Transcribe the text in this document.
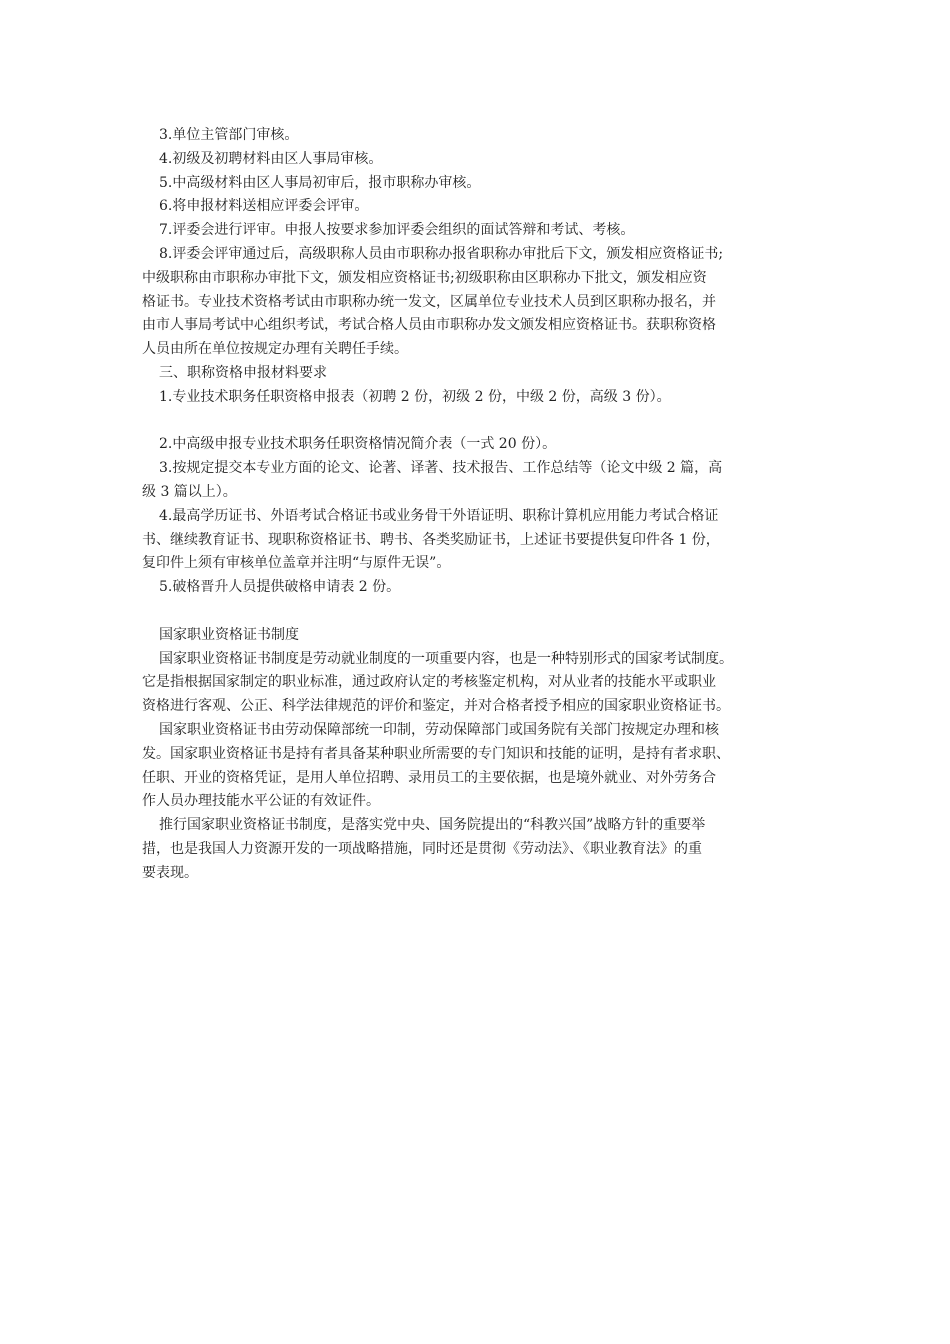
3.单位主管部门审核。
4.初级及初聘材料由区人事局审核。
5.中高级材料由区人事局初审后，报市职称办审核。
6.将申报材料送相应评委会评审。
7.评委会进行评审。申报人按要求参加评委会组织的面试答辩和考试、考核。
8.评委会评审通过后，高级职称人员由市职称办报省职称办审批后下文，颁发相应资格证书;
中级职称由市职称办审批下文，颁发相应资格证书;初级职称由区职称办下批文，颁发相应资
格证书。专业技术资格考试由市职称办统一发文，区属单位专业技术人员到区职称办报名，并
由市人事局考试中心组织考试，考试合格人员由市职称办发文颁发相应资格证书。获职称资格
人员由所在单位按规定办理有关聘任手续。
三、职称资格申报材料要求
1.专业技术职务任职资格申报表（初聘 2 份，初级 2 份，中级 2 份，高级 3 份）。
2.中高级申报专业技术职务任职资格情况简介表（一式 20 份）。
3.按规定提交本专业方面的论文、论著、译著、技术报告、工作总结等（论文中级 2 篇，高
级 3 篇以上）。
4.最高学历证书、外语考试合格证书或业务骨干外语证明、职称计算机应用能力考试合格证
书、继续教育证书、现职称资格证书、聘书、各类奖励证书，上述证书要提供复印件各 1 份，
复印件上须有审核单位盖章并注明“与原件无误”。
5.破格晋升人员提供破格申请表 2 份。
国家职业资格证书制度
国家职业资格证书制度是劳动就业制度的一项重要内容，也是一种特别形式的国家考试制度。
它是指根据国家制定的职业标准，通过政府认定的考核鉴定机构，对从业者的技能水平或职业
资格进行客观、公正、科学法律规范的评价和鉴定，并对合格者授予相应的国家职业资格证书。
国家职业资格证书由劳动保障部统一印制，劳动保障部门或国务院有关部门按规定办理和核
发。国家职业资格证书是持有者具备某种职业所需要的专门知识和技能的证明，是持有者求职、
任职、开业的资格凭证，是用人单位招聘、录用员工的主要依据，也是境外就业、对外劳务合
作人员办理技能水平公证的有效证件。
推行国家职业资格证书制度，是落实党中央、国务院提出的“科教兴国”战略方针的重要举
措，也是我国人力资源开发的一项战略措施，同时还是贯彻《劳动法》、《职业教育法》的重
要表现。
